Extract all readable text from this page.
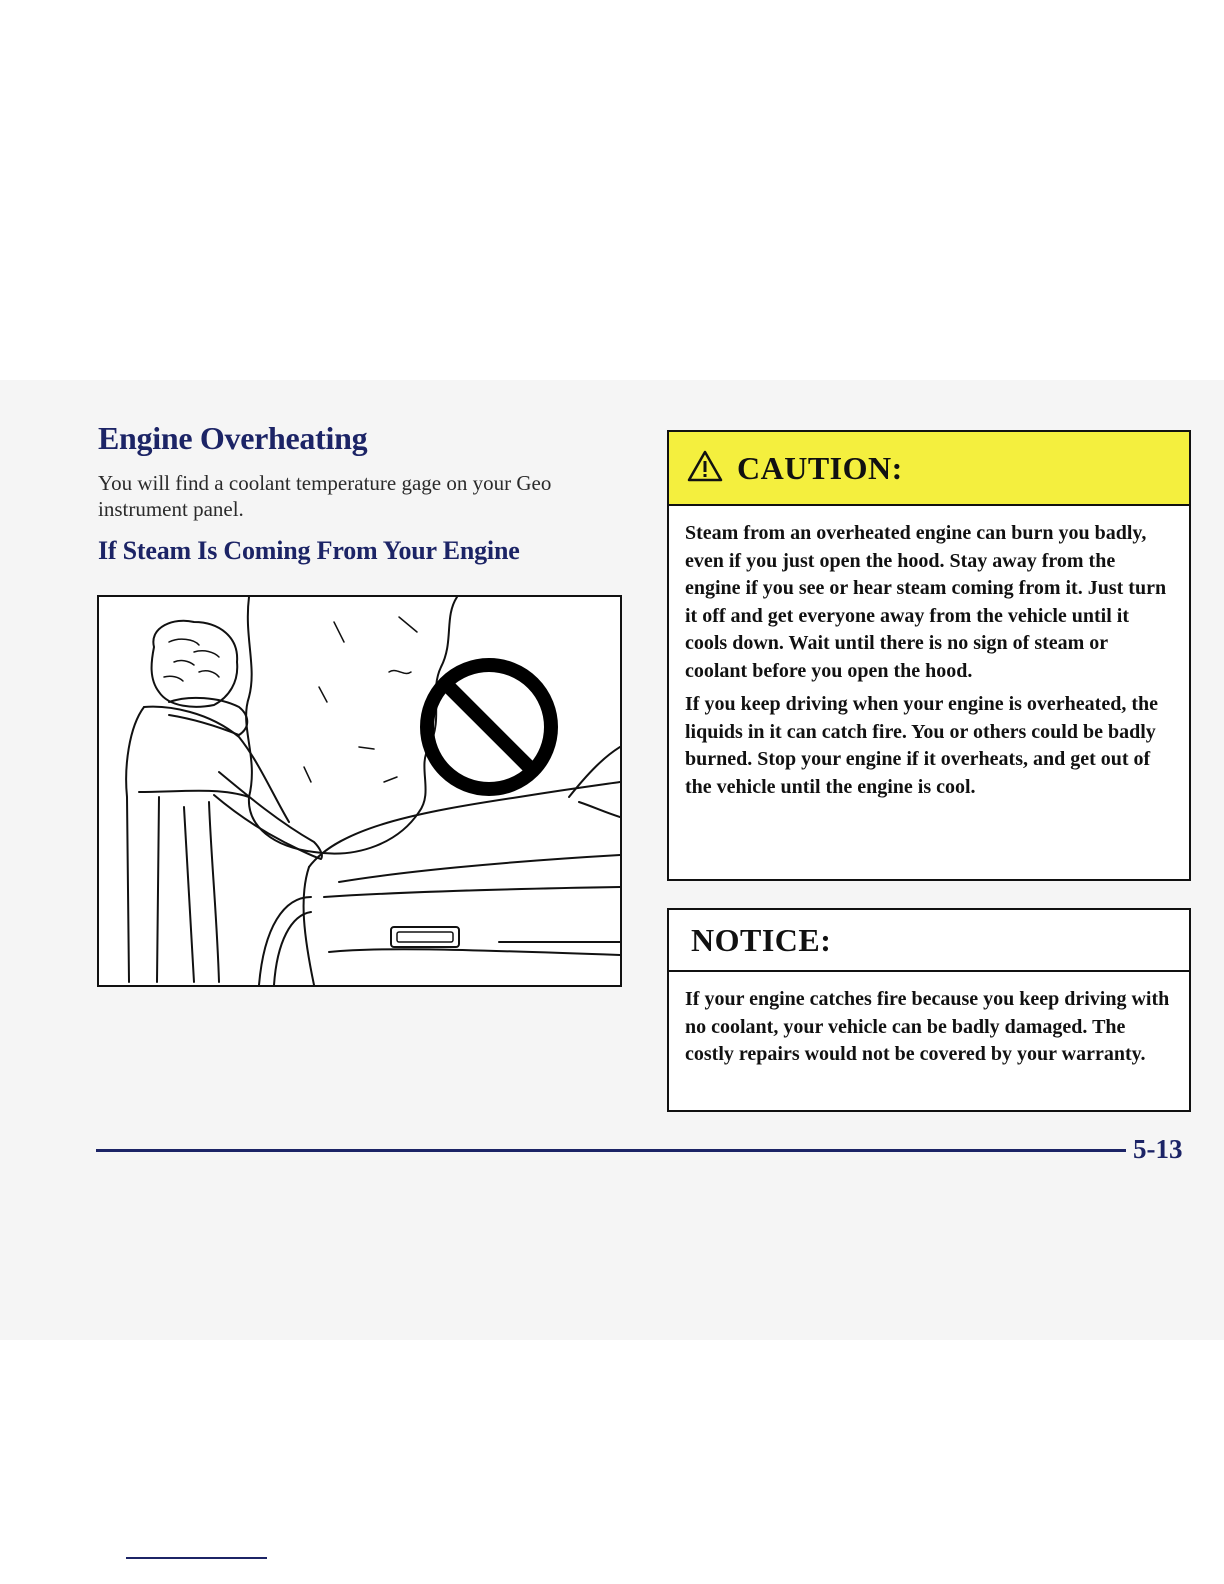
Engine Overheating

You will find a coolant temperature gage on your Geo instrument panel.

If Steam Is Coming From Your Engine
CAUTION:

Steam from an overheated engine can burn you badly, even if you just open the hood. Stay away from the engine if you see or hear steam coming from it. Just turn it off and get everyone away from the vehicle until it cools down. Wait until there is no sign of steam or coolant before you open the hood.

If you keep driving when your engine is overheated, the liquids in it can catch fire. You or others could be badly burned. Stop your engine if it overheats, and get out of the vehicle until the engine is cool.

NOTICE:

If your engine catches fire because you keep driving with no coolant, your vehicle can be badly damaged. The costly repairs would not be covered by your warranty.

5-13
